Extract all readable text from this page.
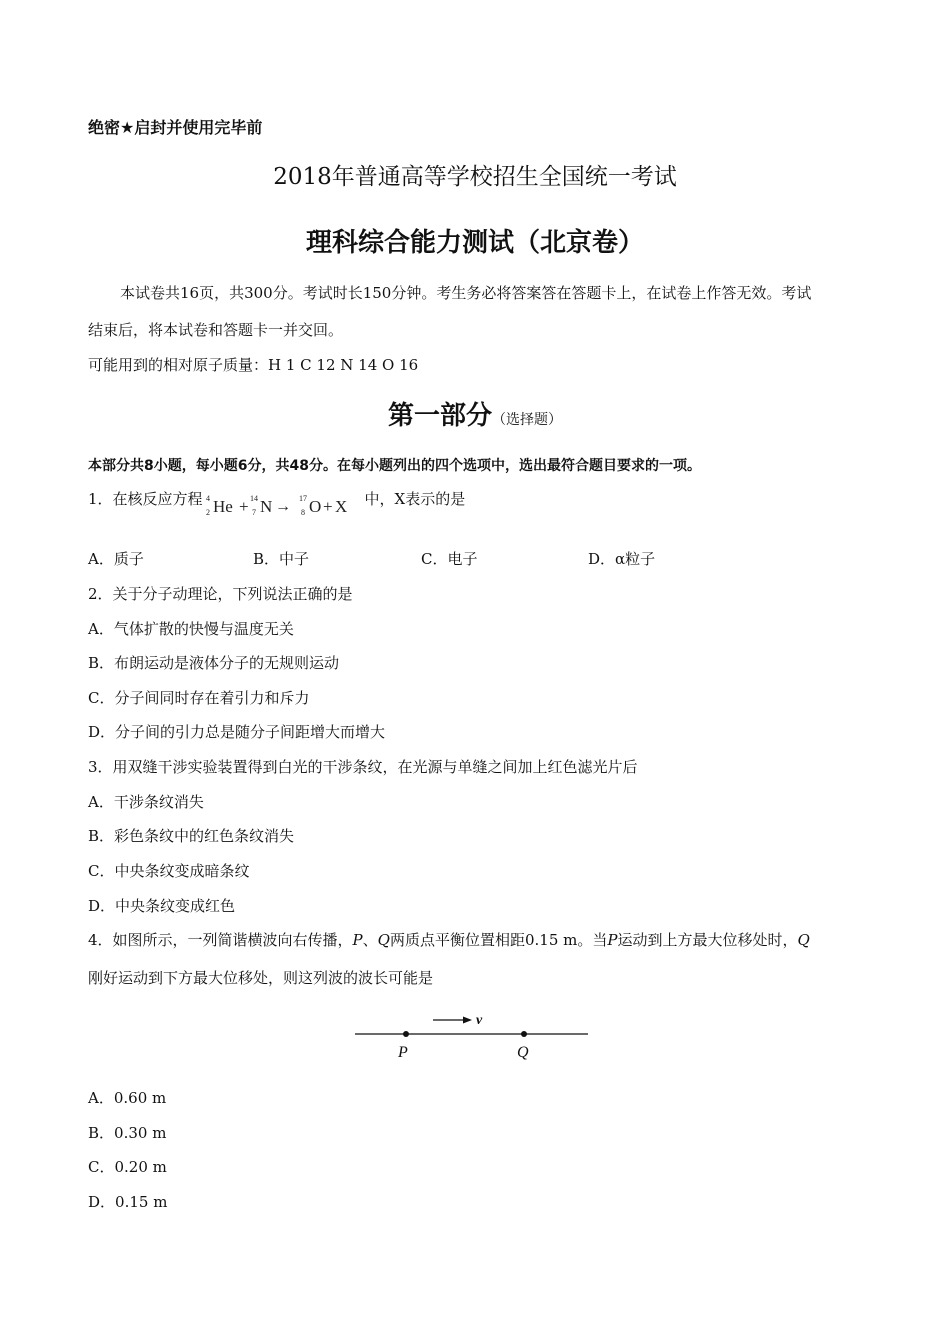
绝密★启封并使用完毕前
2018年普通高等学校招生全国统一考试
理科综合能力测试（北京卷）
本试卷共16页，共300分。考试时长150分钟。考生务必将答案答在答题卡上，在试卷上作答无效。考试
结束后，将本试卷和答题卡一并交回。
可能用到的相对原子质量：H 1 C 12 N 14 O 16
第一部分（选择题）
本部分共8小题，每小题6分，共48分。在每小题列出的四个选项中，选出最符合题目要求的一项。
1．在核反应方程 4
2 He + 14
7 N → 17
8 O + X 中，X表示的是
A．质子	B．中子	C．电子	D．α粒子
2．关于分子动理论，下列说法正确的是
A．气体扩散的快慢与温度无关
B．布朗运动是液体分子的无规则运动
C．分子间同时存在着引力和斥力
D．分子间的引力总是随分子间距增大而增大
3．用双缝干涉实验装置得到白光的干涉条纹，在光源与单缝之间加上红色滤光片后
A．干涉条纹消失
B．彩色条纹中的红色条纹消失
C．中央条纹变成暗条纹
D．中央条纹变成红色
4．如图所示，一列简谐横波向右传播，P、Q两质点平衡位置相距0.15 m。当P运动到上方最大位移处时，Q
刚好运动到下方最大位移处，则这列波的波长可能是
v
P	Q
A．0.60 m
B．0.30 m
C．0.20 m
D．0.15 m
